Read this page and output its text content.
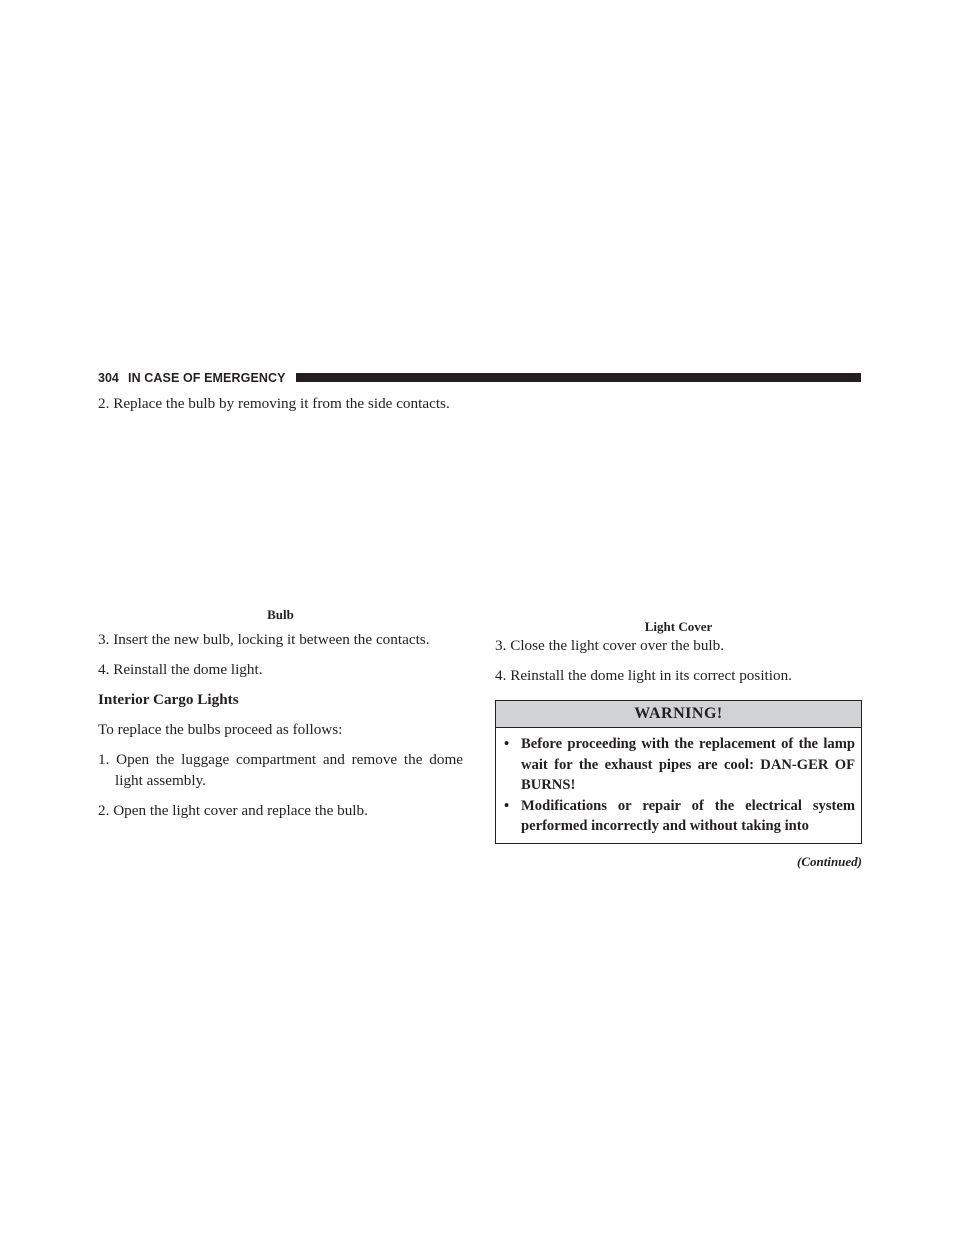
304 IN CASE OF EMERGENCY

2. Replace the bulb by removing it from the side contacts.

Bulb

3. Insert the new bulb, locking it between the contacts.

4. Reinstall the dome light.

Interior Cargo Lights

To replace the bulbs proceed as follows:

1. Open the luggage compartment and remove the dome light assembly.

2. Open the light cover and replace the bulb.

Light Cover

3. Close the light cover over the bulb.

4. Reinstall the dome light in its correct position.

WARNING!
• Before proceeding with the replacement of the lamp wait for the exhaust pipes are cool: DAN-GER OF BURNS!
• Modifications or repair of the electrical system performed incorrectly and without taking into
(Continued)
